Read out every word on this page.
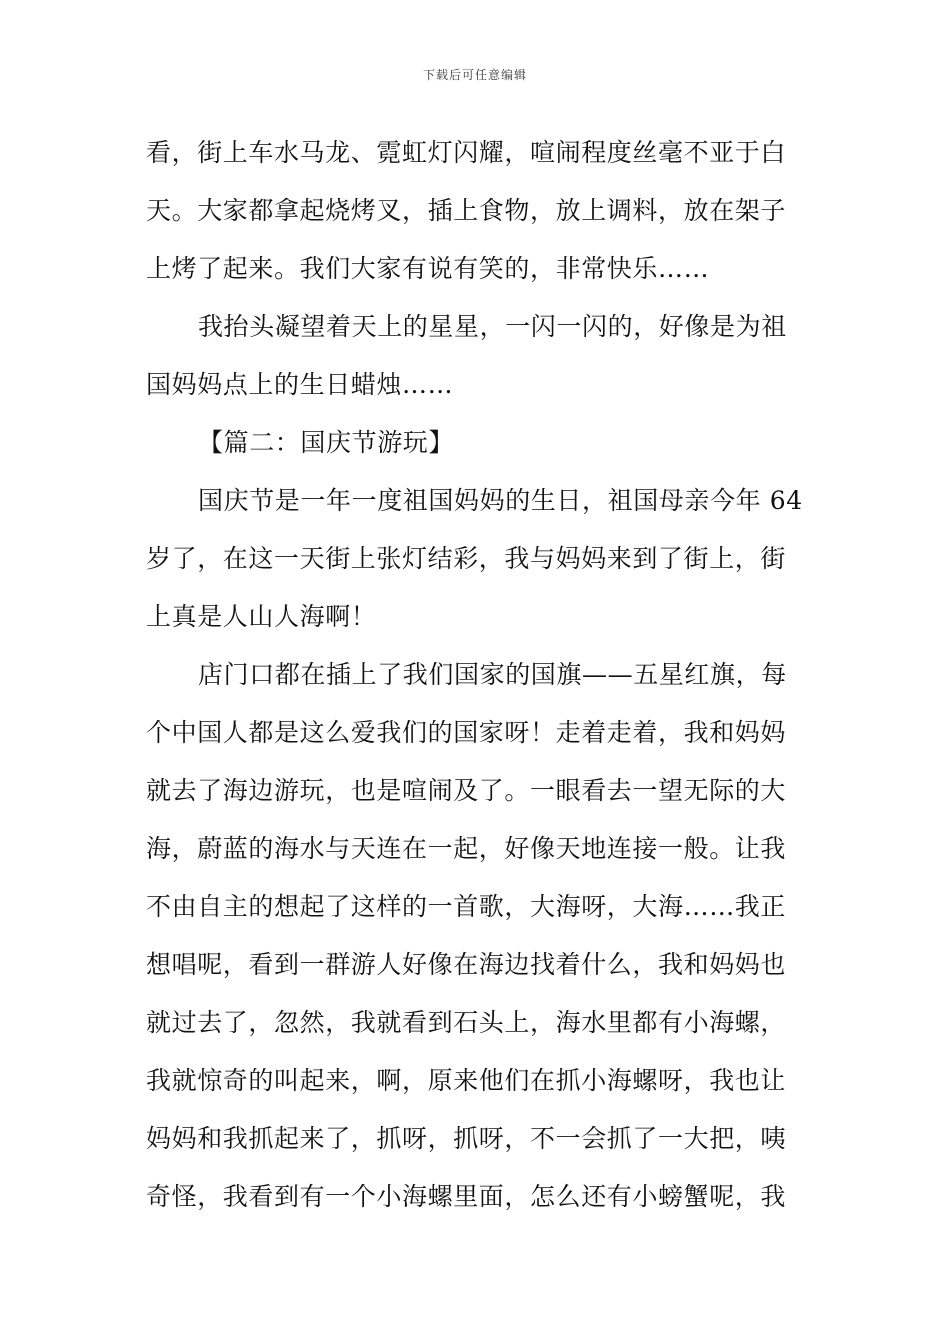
下载后可任意编辑
看，街上车水马龙、霓虹灯闪耀，喧闹程度丝毫不亚于白
天。大家都拿起烧烤叉，插上食物，放上调料，放在架子
上烤了起来。我们大家有说有笑的，非常快乐……
我抬头凝望着天上的星星，一闪一闪的，好像是为祖
国妈妈点上的生日蜡烛……
【篇二：国庆节游玩】
国庆节是一年一度祖国妈妈的生日，祖国母亲今年 64
岁了，在这一天街上张灯结彩，我与妈妈来到了街上，街
上真是人山人海啊！
店门口都在插上了我们国家的国旗——五星红旗，每
个中国人都是这么爱我们的国家呀！走着走着，我和妈妈
就去了海边游玩，也是喧闹及了。一眼看去一望无际的大
海，蔚蓝的海水与天连在一起，好像天地连接一般。让我
不由自主的想起了这样的一首歌，大海呀，大海……我正
想唱呢，看到一群游人好像在海边找着什么，我和妈妈也
就过去了，忽然，我就看到石头上，海水里都有小海螺，
我就惊奇的叫起来，啊，原来他们在抓小海螺呀，我也让
妈妈和我抓起来了，抓呀，抓呀，不一会抓了一大把，咦
奇怪，我看到有一个小海螺里面，怎么还有小螃蟹呢，我
